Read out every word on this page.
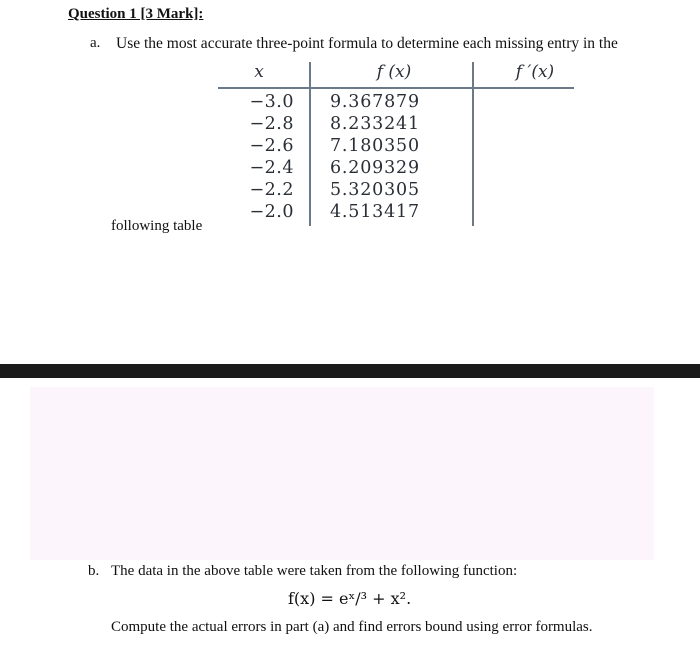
Question 1 [3 Mark]:
a. Use the most accurate three-point formula to determine each missing entry in the
x	f (x)	f ′(x)
−3.0
−2.8
−2.6
−2.4
−2.2
−2.0
9.367879
8.233241
7.180350
6.209329
5.320305
4.513417
following table
b. The data in the above table were taken from the following function:
f(x) = eˣ/³ + x².
Compute the actual errors in part (a) and find errors bound using error formulas.
